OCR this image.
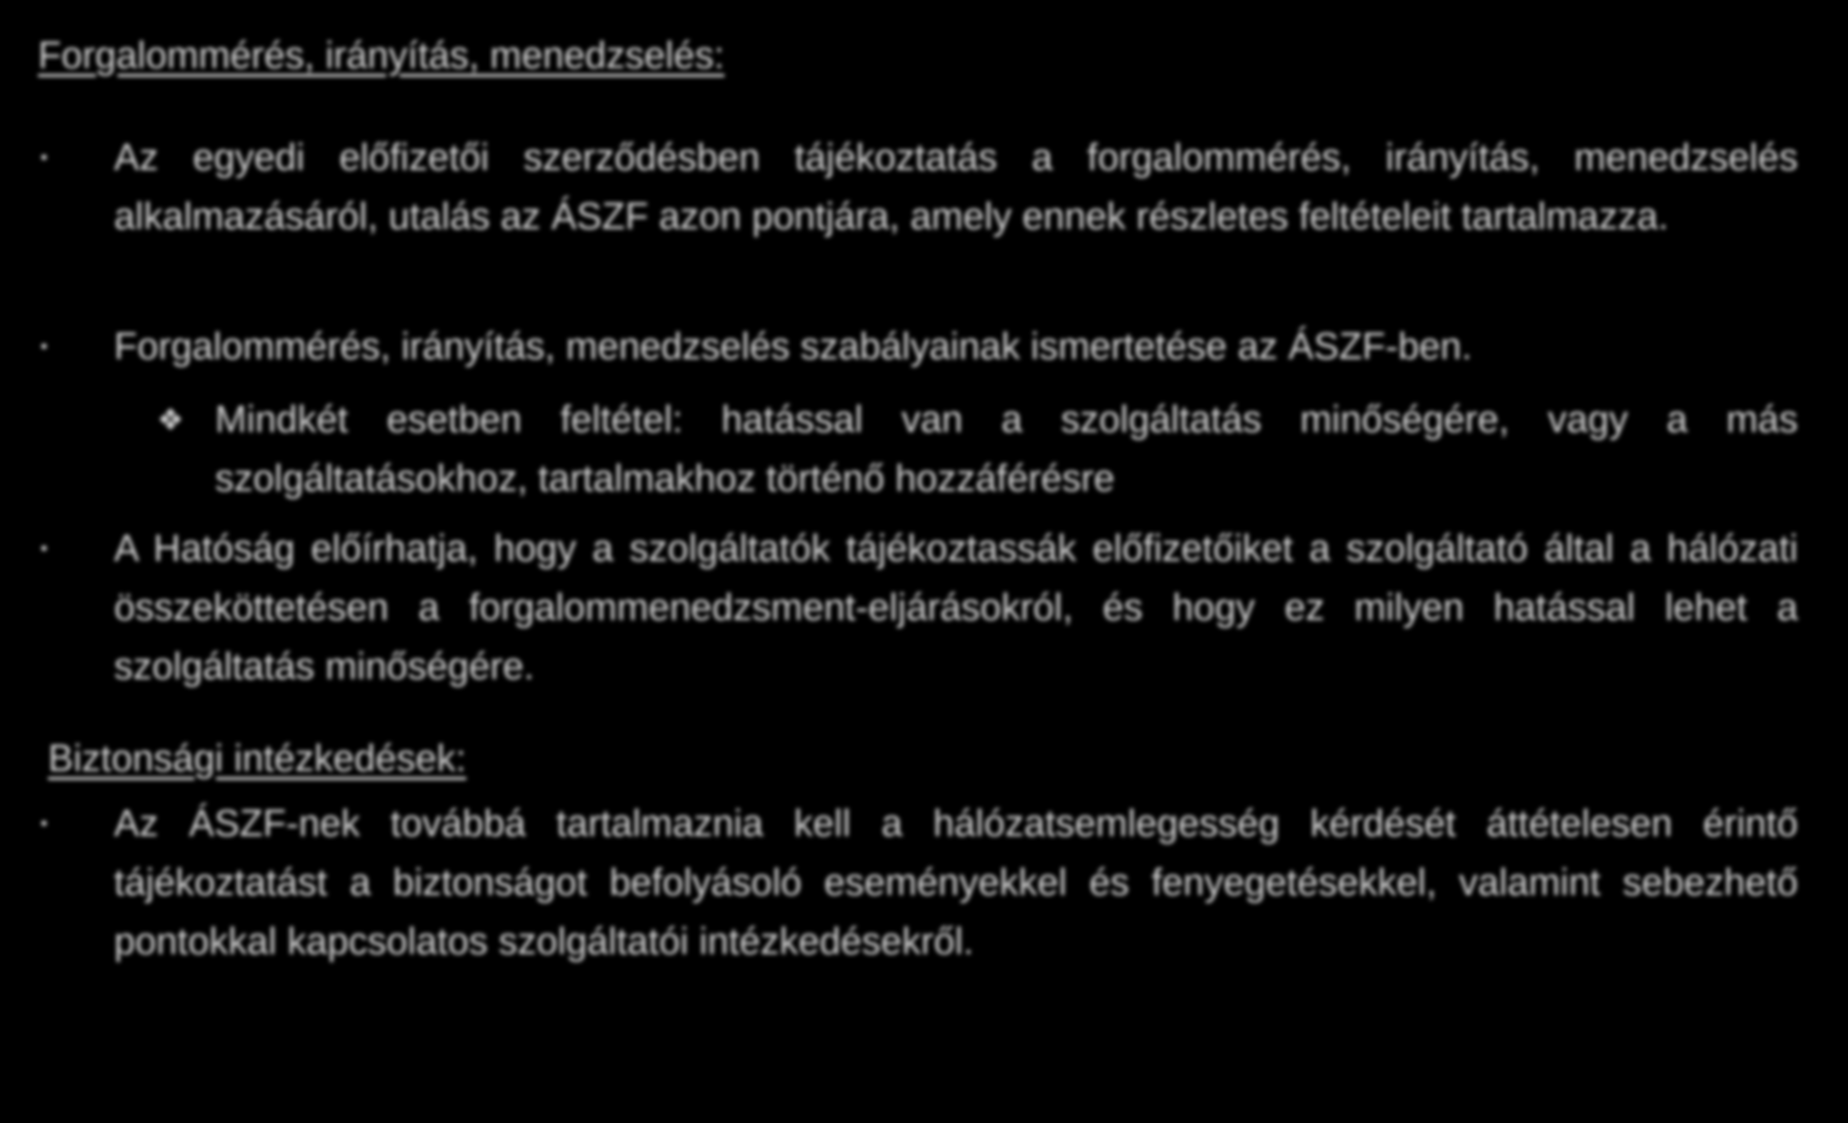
Forgalommérés, irányítás, menedzselés:
• Az egyedi előfizetői szerződésben tájékoztatás a forgalommérés, irányítás, menedzselés alkalmazásáról, utalás az ÁSZF azon pontjára, amely ennek részletes feltételeit tartalmazza.
• Forgalommérés, irányítás, menedzselés szabályainak ismertetése az ÁSZF-ben.
❖ Mindkét esetben feltétel: hatással van a szolgáltatás minőségére, vagy a más szolgáltatásokhoz, tartalmakhoz történő hozzáférésre
• A Hatóság előírhatja, hogy a szolgáltatók tájékoztassák előfizetőiket a szolgáltató által a hálózati összeköttetésen a forgalommenedzsment-eljárásokról, és hogy ez milyen hatással lehet a szolgáltatás minőségére.
Biztonsági intézkedések:
• Az ÁSZF-nek továbbá tartalmaznia kell a hálózatsemlegesség kérdését áttételesen érintő tájékoztatást a biztonságot befolyásoló eseményekkel és fenyegetésekkel, valamint sebezhető pontokkal kapcsolatos szolgáltatói intézkedésekről.
